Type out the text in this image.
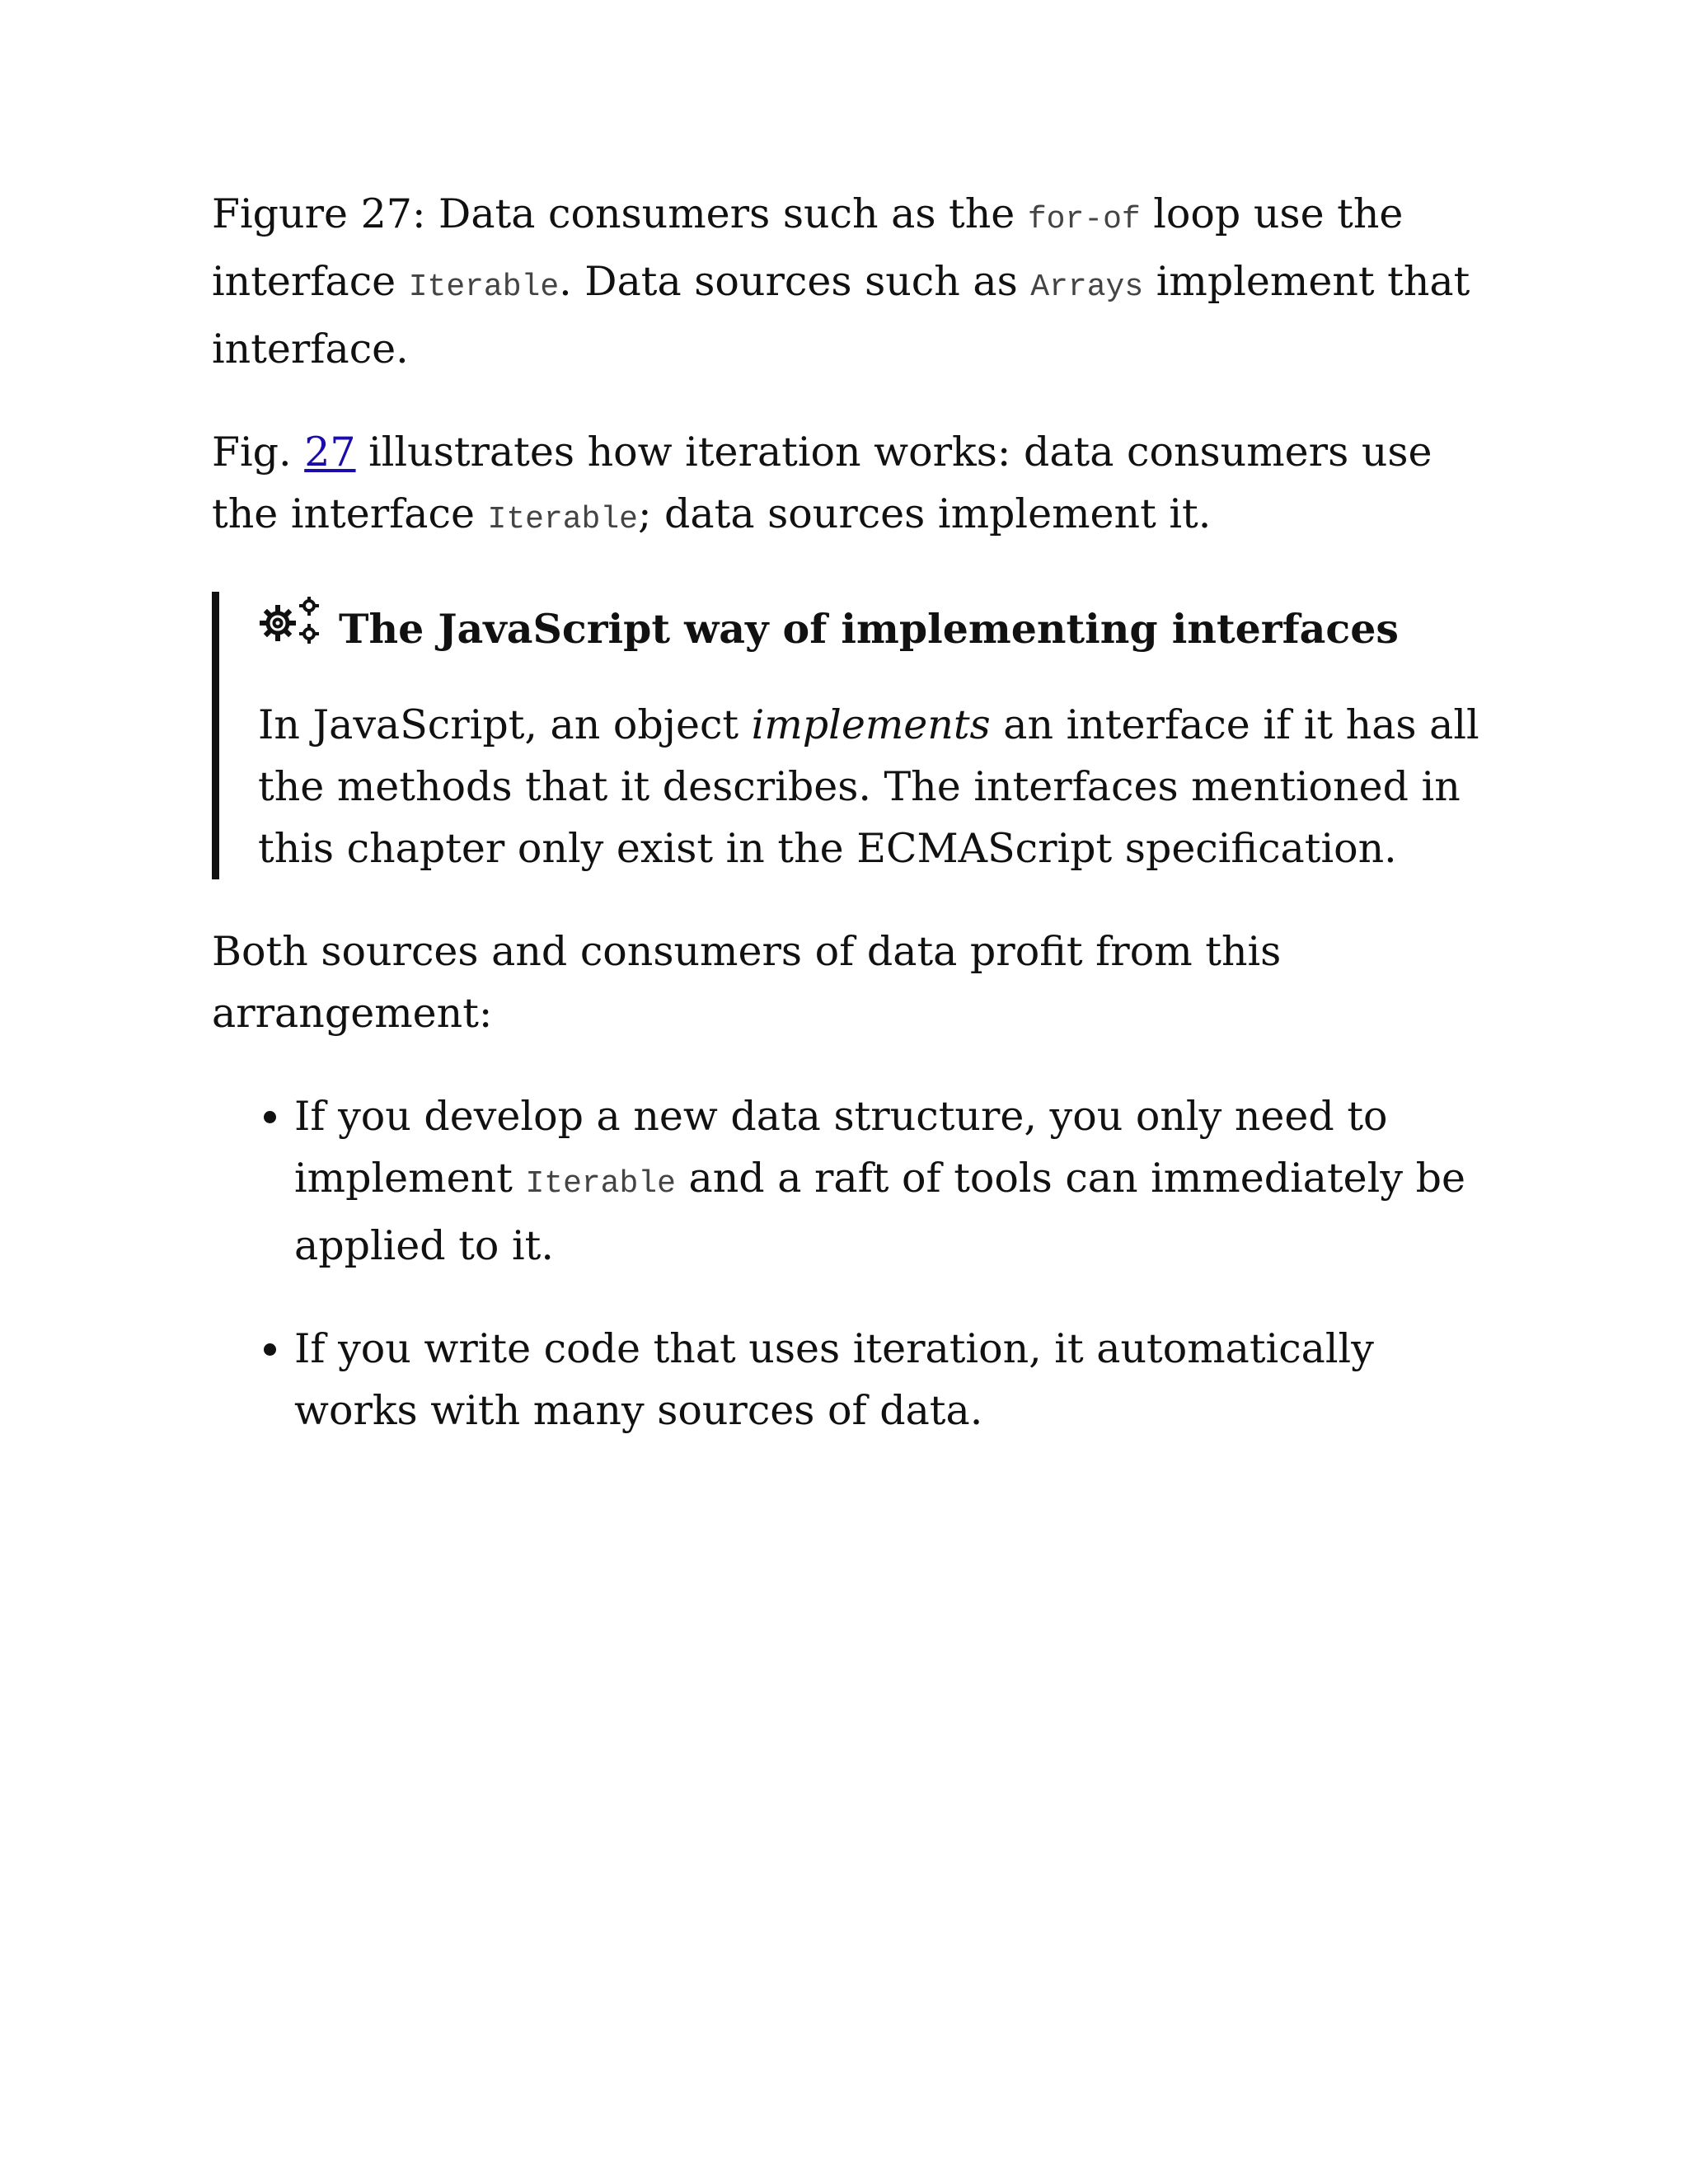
Figure 27: Data consumers such as the for-of loop use the interface Iterable. Data sources such as Arrays implement that interface.

Fig. 27 illustrates how iteration works: data consumers use the interface Iterable; data sources implement it.

The JavaScript way of implementing interfaces

In JavaScript, an object implements an interface if it has all the methods that it describes. The interfaces mentioned in this chapter only exist in the ECMAScript specification.

Both sources and consumers of data profit from this arrangement:

• If you develop a new data structure, you only need to implement Iterable and a raft of tools can immediately be applied to it.
• If you write code that uses iteration, it automatically works with many sources of data.
